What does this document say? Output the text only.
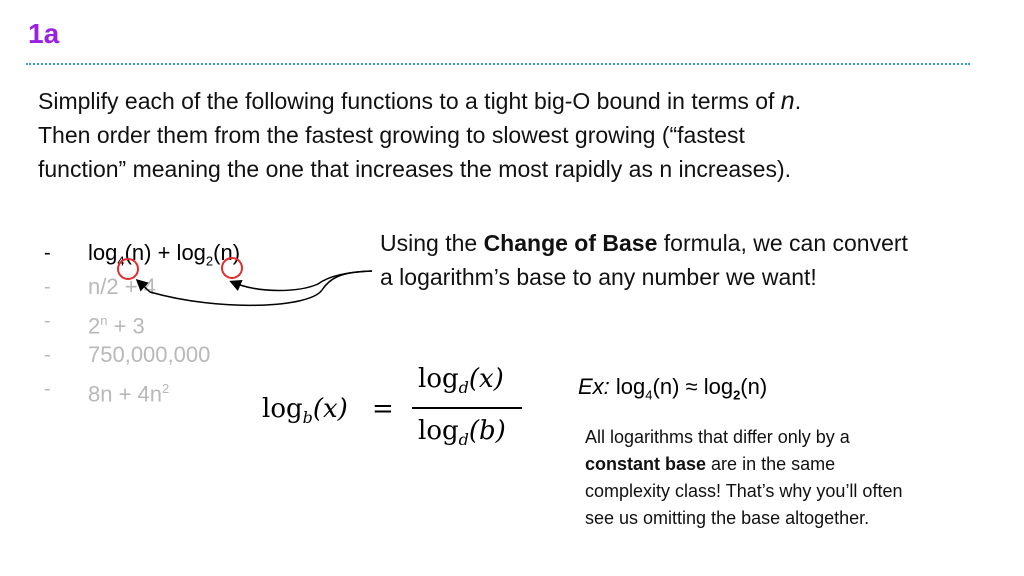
1a
Simplify each of the following functions to a tight big-O bound in terms of n.
Then order them from the fastest growing to slowest growing (“fastest
function” meaning the one that increases the most rapidly as n increases).
- $\log_4(n) + \log_2(n)$
- n/2 + 4
- $2^n + 3$
- 750,000,000
- $8n + 4n^2$
Using the Change of Base formula, we can convert a logarithm’s base to any number we want!
$\log_b(x)$ =
$\log_d(x)$
$\log_d(b)$
Ex: $\log_4(n) \approx \log_2(n)$
All logarithms that differ only by a
constant base are in the same complexity class! That’s why you’ll often see us omitting the base altogether.
